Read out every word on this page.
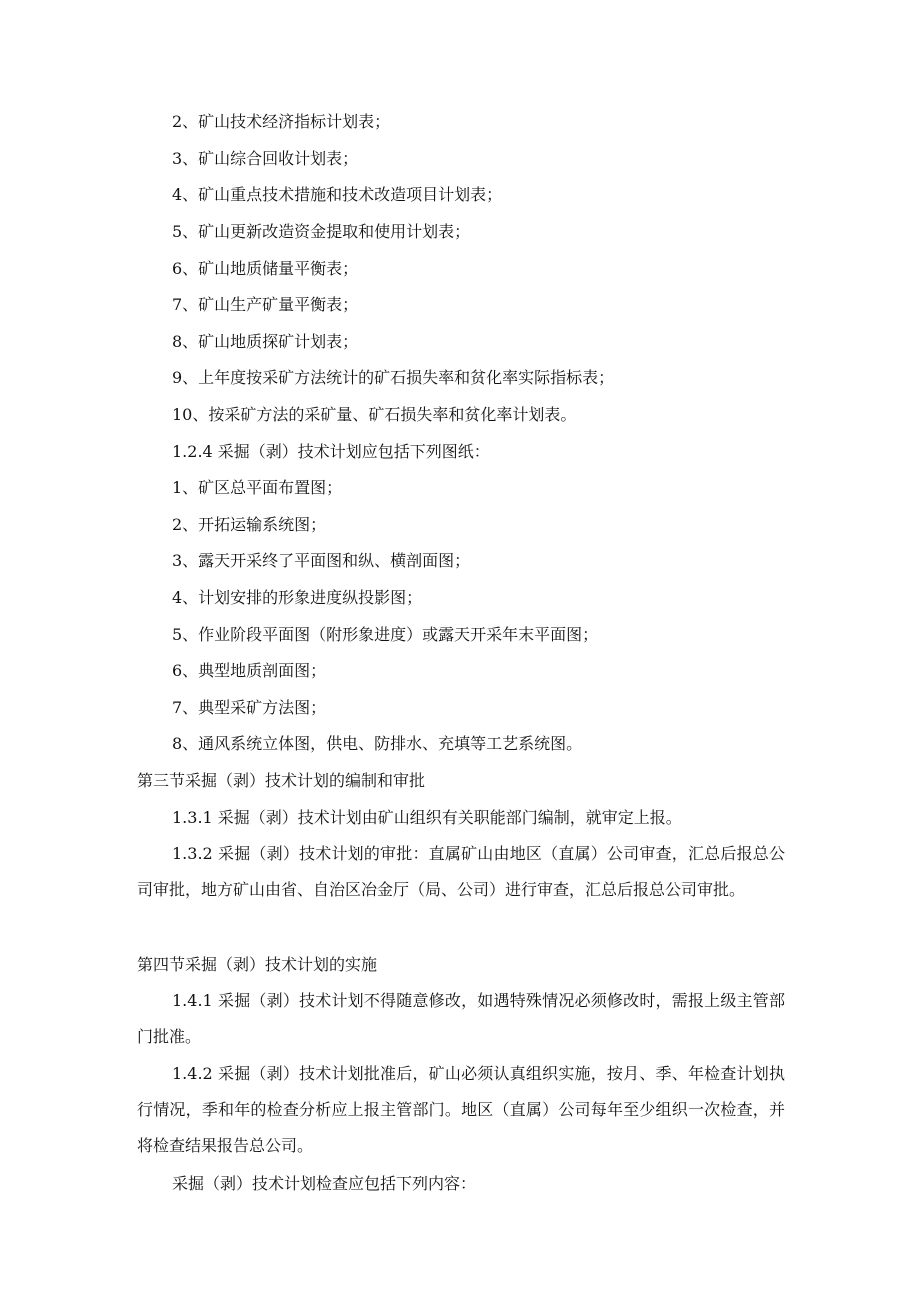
2、矿山技术经济指标计划表；
3、矿山综合回收计划表；
4、矿山重点技术措施和技术改造项目计划表；
5、矿山更新改造资金提取和使用计划表；
6、矿山地质储量平衡表；
7、矿山生产矿量平衡表；
8、矿山地质探矿计划表；
9、上年度按采矿方法统计的矿石损失率和贫化率实际指标表；
10、按采矿方法的采矿量、矿石损失率和贫化率计划表。
1.2.4 采掘（剥）技术计划应包括下列图纸：
1、矿区总平面布置图；
2、开拓运输系统图；
3、露天开采终了平面图和纵、横剖面图；
4、计划安排的形象进度纵投影图；
5、作业阶段平面图（附形象进度）或露天开采年末平面图；
6、典型地质剖面图；
7、典型采矿方法图；
8、通风系统立体图，供电、防排水、充填等工艺系统图。
第三节采掘（剥）技术计划的编制和审批
1.3.1 采掘（剥）技术计划由矿山组织有关职能部门编制，就审定上报。
1.3.2 采掘（剥）技术计划的审批：直属矿山由地区（直属）公司审查，汇总后报总公司审批，地方矿山由省、自治区冶金厅（局、公司）进行审查，汇总后报总公司审批。
第四节采掘（剥）技术计划的实施
1.4.1 采掘（剥）技术计划不得随意修改，如遇特殊情况必须修改时，需报上级主管部门批准。
1.4.2 采掘（剥）技术计划批准后，矿山必须认真组织实施，按月、季、年检查计划执行情况，季和年的检查分析应上报主管部门。地区（直属）公司每年至少组织一次检查，并将检查结果报告总公司。
采掘（剥）技术计划检查应包括下列内容：
